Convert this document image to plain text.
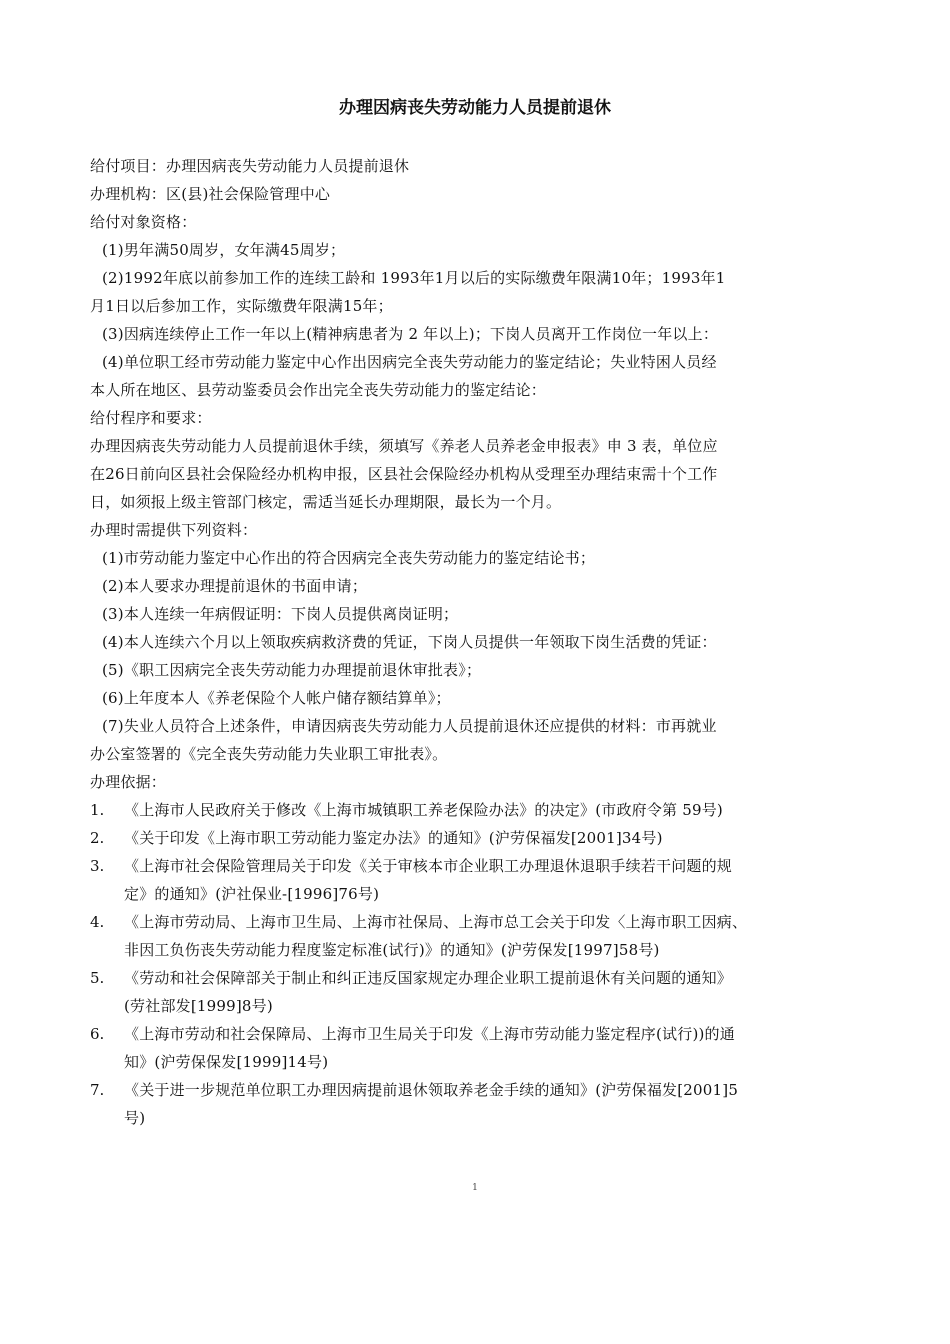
办理因病丧失劳动能力人员提前退休
给付项目：办理因病丧失劳动能力人员提前退休
办理机构：区(县)社会保险管理中心
给付对象资格：
(1)男年满50周岁，女年满45周岁；
(2)1992年底以前参加工作的连续工龄和 1993年1月以后的实际缴费年限满10年；1993年1
月1日以后参加工作，实际缴费年限满15年；
(3)因病连续停止工作一年以上(精神病患者为 2 年以上)；下岗人员离开工作岗位一年以上：
(4)单位职工经市劳动能力鉴定中心作出因病完全丧失劳动能力的鉴定结论；失业特困人员经
本人所在地区、县劳动鉴委员会作出完全丧失劳动能力的鉴定结论：
给付程序和要求：
办理因病丧失劳动能力人员提前退休手续，须填写《养老人员养老金申报表》申 3 表，单位应
在26日前向区县社会保险经办机构申报，区县社会保险经办机构从受理至办理结束需十个工作
日，如须报上级主管部门核定，需适当延长办理期限，最长为一个月。
办理时需提供下列资料：
(1)市劳动能力鉴定中心作出的符合因病完全丧失劳动能力的鉴定结论书；
(2)本人要求办理提前退休的书面申请；
(3)本人连续一年病假证明：下岗人员提供离岗证明；
(4)本人连续六个月以上领取疾病救济费的凭证，下岗人员提供一年领取下岗生活费的凭证：
(5)《职工因病完全丧失劳动能力办理提前退休审批表》；
(6)上年度本人《养老保险个人帐户储存额结算单》；
(7)失业人员符合上述条件，申请因病丧失劳动能力人员提前退休还应提供的材料：市再就业
办公室签署的《完全丧失劳动能力失业职工审批表》。
办理依据：
1. 《上海市人民政府关于修改《上海市城镇职工养老保险办法》的决定》(市政府令第 59号)
2. 《关于印发《上海市职工劳动能力鉴定办法》的通知》(沪劳保福发[2001]34号)
3. 《上海市社会保险管理局关于印发《关于审核本市企业职工办理退休退职手续若干问题的规
定》的通知》(沪社保业-[1996]76号)
4. 《上海市劳动局、上海市卫生局、上海市社保局、上海市总工会关于印发〈上海市职工因病、
非因工负伤丧失劳动能力程度鉴定标准(试行)》的通知》(沪劳保发[1997]58号)
5. 《劳动和社会保障部关于制止和纠正违反国家规定办理企业职工提前退休有关问题的通知》
(劳社部发[1999]8号)
6. 《上海市劳动和社会保障局、上海市卫生局关于印发《上海市劳动能力鉴定程序(试行))的通
知》(沪劳保保发[1999]14号)
7. 《关于进一步规范单位职工办理因病提前退休领取养老金手续的通知》(沪劳保福发[2001]5
号)
1
